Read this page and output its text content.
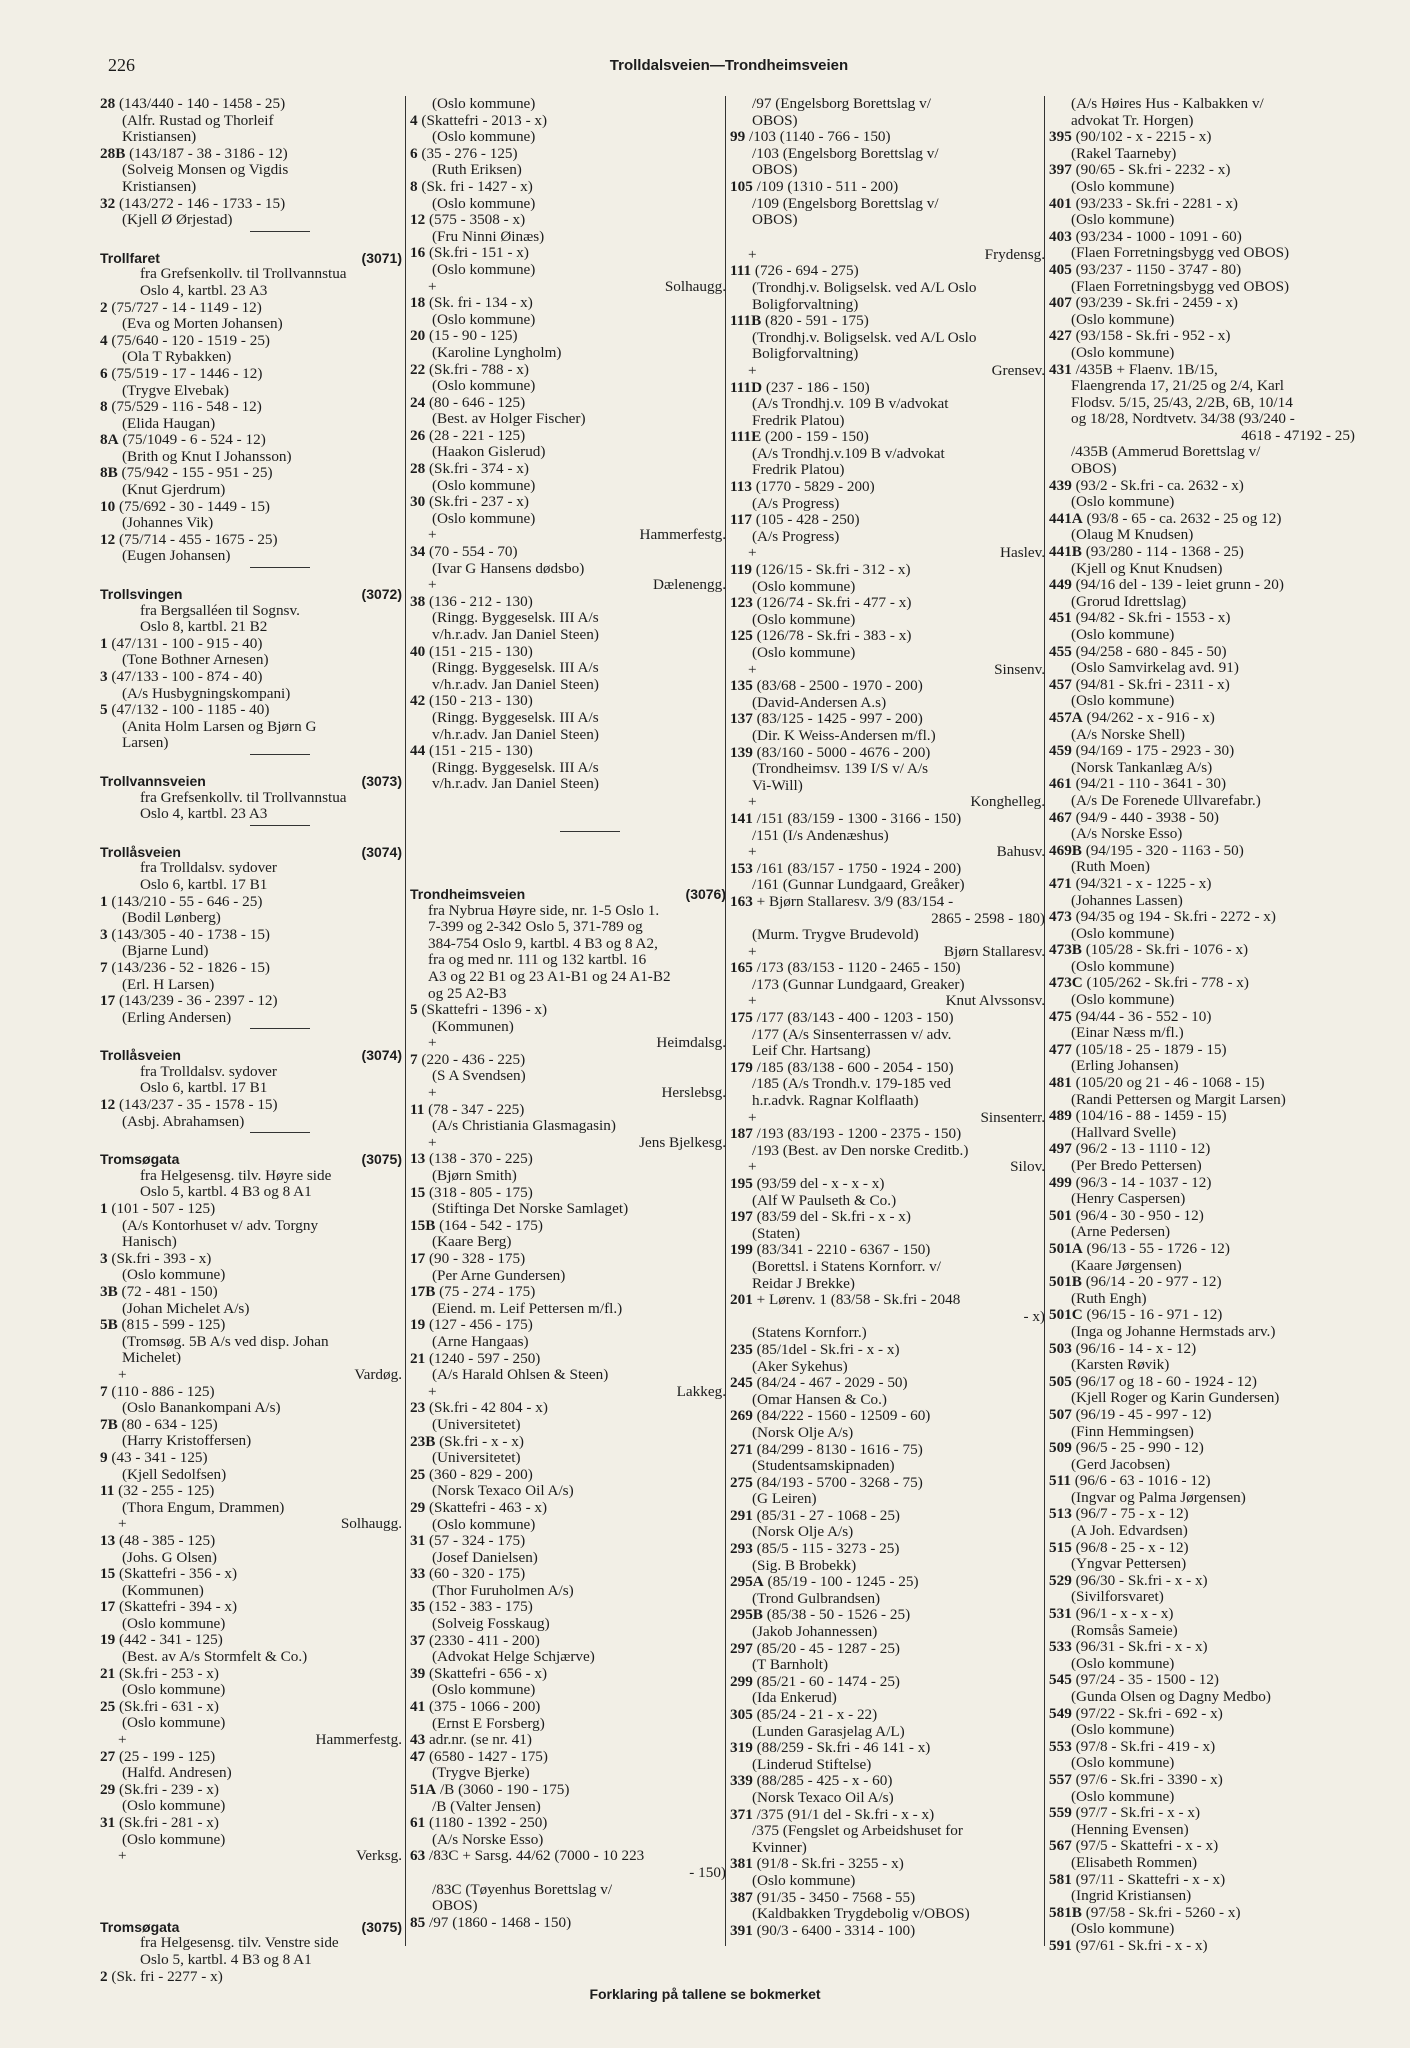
226	Trolldalsveien—Trondheimsveien
28 (143/440 - 140 - 1458 - 25)
(Alfr. Rustad og Thorleif
Kristiansen)
28B (143/187 - 38 - 3186 - 12)
(Solveig Monsen og Vigdis
Kristiansen)
32 (143/272 - 146 - 1733 - 15)
(Kjell Ø Ørjestad)
Trollfaret	(3071)
fra Grefsenkollv. til Trollvannstua
Oslo 4, kartbl. 23 A3
2 (75/727 - 14 - 1149 - 12)
(Eva og Morten Johansen)
4 (75/640 - 120 - 1519 - 25)
(Ola T Rybakken)
6 (75/519 - 17 - 1446 - 12)
(Trygve Elvebak)
8 (75/529 - 116 - 548 - 12)
(Elida Haugan)
8A (75/1049 - 6 - 524 - 12)
(Brith og Knut I Johansson)
8B (75/942 - 155 - 951 - 25)
(Knut Gjerdrum)
10 (75/692 - 30 - 1449 - 15)
(Johannes Vik)
12 (75/714 - 455 - 1675 - 25)
(Eugen Johansen)
Trollsvingen	(3072)
fra Bergsalléen til Sognsv.
Oslo 8, kartbl. 21 B2
1 (47/131 - 100 - 915 - 40)
(Tone Bothner Arnesen)
3 (47/133 - 100 - 874 - 40)
(A/s Husbygningskompani)
5 (47/132 - 100 - 1185 - 40)
(Anita Holm Larsen og Bjørn G
Larsen)
Trollvannsveien	(3073)
fra Grefsenkollv. til Trollvannstua
Oslo 4, kartbl. 23 A3
Trollåsveien	(3074)
fra Trolldalsv. sydover
Oslo 6, kartbl. 17 B1
1 (143/210 - 55 - 646 - 25)
(Bodil Lønberg)
3 (143/305 - 40 - 1738 - 15)
(Bjarne Lund)
7 (143/236 - 52 - 1826 - 15)
(Erl. H Larsen)
17 (143/239 - 36 - 2397 - 12)
(Erling Andersen)
Trollåsveien	(3074)
fra Trolldalsv. sydover
Oslo 6, kartbl. 17 B1
12 (143/237 - 35 - 1578 - 15)
(Asbj. Abrahamsen)
Tromsøgata	(3075)
fra Helgesensg. tilv. Høyre side
Oslo 5, kartbl. 4 B3 og 8 A1
1 (101 - 507 - 125)
(A/s Kontorhuset v/ adv. Torgny
Hanisch)
3 (Sk.fri - 393 - x)
(Oslo kommune)
3B (72 - 481 - 150)
(Johan Michelet A/s)
5B (815 - 599 - 125)
(Tromsøg. 5B A/s ved disp. Johan
Michelet)
+	Vardøg.
7 (110 - 886 - 125)
(Oslo Banankompani A/s)
7B (80 - 634 - 125)
(Harry Kristoffersen)
9 (43 - 341 - 125)
(Kjell Sedolfsen)
11 (32 - 255 - 125)
(Thora Engum, Drammen)
+	Solhaugg.
13 (48 - 385 - 125)
(Johs. G Olsen)
15 (Skattefri - 356 - x)
(Kommunen)
17 (Skattefri - 394 - x)
(Oslo kommune)
19 (442 - 341 - 125)
(Best. av A/s Stormfelt & Co.)
21 (Sk.fri - 253 - x)
(Oslo kommune)
25 (Sk.fri - 631 - x)
(Oslo kommune)
+	Hammerfestg.
27 (25 - 199 - 125)
(Halfd. Andresen)
29 (Sk.fri - 239 - x)
(Oslo kommune)
31 (Sk.fri - 281 - x)
(Oslo kommune)
+	Verksg.
Tromsøgata	(3075)
fra Helgesensg. tilv. Venstre side
Oslo 5, kartbl. 4 B3 og 8 A1
2 (Sk. fri - 2277 - x)
(Oslo kommune)
4 (Skattefri - 2013 - x)
(Oslo kommune)
6 (35 - 276 - 125)
(Ruth Eriksen)
8 (Sk. fri - 1427 - x)
(Oslo kommune)
12 (575 - 3508 - x)
(Fru Ninni Øinæs)
16 (Sk.fri - 151 - x)
(Oslo kommune)
+	Solhaugg.
18 (Sk. fri - 134 - x)
(Oslo kommune)
20 (15 - 90 - 125)
(Karoline Lyngholm)
22 (Sk.fri - 788 - x)
(Oslo kommune)
24 (80 - 646 - 125)
(Best. av Holger Fischer)
26 (28 - 221 - 125)
(Haakon Gislerud)
28 (Sk.fri - 374 - x)
(Oslo kommune)
30 (Sk.fri - 237 - x)
(Oslo kommune)
+	Hammerfestg.
34 (70 - 554 - 70)
(Ivar G Hansens dødsbo)
+	Dælenengg.
38 (136 - 212 - 130)
(Ringg. Byggeselsk. III A/s
v/h.r.adv. Jan Daniel Steen)
40 (151 - 215 - 130)
(Ringg. Byggeselsk. III A/s
v/h.r.adv. Jan Daniel Steen)
42 (150 - 213 - 130)
(Ringg. Byggeselsk. III A/s
v/h.r.adv. Jan Daniel Steen)
44 (151 - 215 - 130)
(Ringg. Byggeselsk. III A/s
v/h.r.adv. Jan Daniel Steen)
Trondheimsveien	(3076)
fra Nybrua Høyre side, nr. 1-5 Oslo 1.
7-399 og 2-342 Oslo 5, 371-789 og
384-754 Oslo 9, kartbl. 4 B3 og 8 A2,
fra og med nr. 111 og 132 kartbl. 16
A3 og 22 B1 og 23 A1-B1 og 24 A1-B2
og 25 A2-B3
5 (Skattefri - 1396 - x)
(Kommunen)
+	Heimdalsg.
7 (220 - 436 - 225)
(S A Svendsen)
+	Herslebsg.
11 (78 - 347 - 225)
(A/s Christiania Glasmagasin)
+	Jens Bjelkesg.
13 (138 - 370 - 225)
(Bjørn Smith)
15 (318 - 805 - 175)
(Stiftinga Det Norske Samlaget)
15B (164 - 542 - 175)
(Kaare Berg)
17 (90 - 328 - 175)
(Per Arne Gundersen)
17B (75 - 274 - 175)
(Eiend. m. Leif Pettersen m/fl.)
19 (127 - 456 - 175)
(Arne Hangaas)
21 (1240 - 597 - 250)
(A/s Harald Ohlsen & Steen)
+	Lakkeg.
23 (Sk.fri - 42 804 - x)
(Universitetet)
23B (Sk.fri - x - x)
(Universitetet)
25 (360 - 829 - 200)
(Norsk Texaco Oil A/s)
29 (Skattefri - 463 - x)
(Oslo kommune)
31 (57 - 324 - 175)
(Josef Danielsen)
33 (60 - 320 - 175)
(Thor Furuholmen A/s)
35 (152 - 383 - 175)
(Solveig Fosskaug)
37 (2330 - 411 - 200)
(Advokat Helge Schjærve)
39 (Skattefri - 656 - x)
(Oslo kommune)
41 (375 - 1066 - 200)
(Ernst E Forsberg)
43 adr.nr. (se nr. 41)
47 (6580 - 1427 - 175)
(Trygve Bjerke)
51A /B (3060 - 190 - 175)
/B (Valter Jensen)
61 (1180 - 1392 - 250)
(A/s Norske Esso)
63 /83C + Sarsg. 44/62 (7000 - 10 223
- 150)
/83C (Tøyenhus Borettslag v/
OBOS)
85 /97 (1860 - 1468 - 150)
/97 (Engelsborg Borettslag v/
OBOS)
99 /103 (1140 - 766 - 150)
/103 (Engelsborg Borettslag v/
OBOS)
105 /109 (1310 - 511 - 200)
/109 (Engelsborg Borettslag v/
OBOS)
+	Frydensg.
111 (726 - 694 - 275)
(Trondhj.v. Boligselsk. ved A/L Oslo
Boligforvaltning)
111B (820 - 591 - 175)
(Trondhj.v. Boligselsk. ved A/L Oslo
Boligforvaltning)
+	Grensev.
111D (237 - 186 - 150)
(A/s Trondhj.v. 109 B v/advokat
Fredrik Platou)
111E (200 - 159 - 150)
(A/s Trondhj.v.109 B v/advokat
Fredrik Platou)
113 (1770 - 5829 - 200)
(A/s Progress)
117 (105 - 428 - 250)
(A/s Progress)
+	Haslev.
119 (126/15 - Sk.fri - 312 - x)
(Oslo kommune)
123 (126/74 - Sk.fri - 477 - x)
(Oslo kommune)
125 (126/78 - Sk.fri - 383 - x)
(Oslo kommune)
+	Sinsenv.
135 (83/68 - 2500 - 1970 - 200)
(David-Andersen A.s)
137 (83/125 - 1425 - 997 - 200)
(Dir. K Weiss-Andersen m/fl.)
139 (83/160 - 5000 - 4676 - 200)
(Trondheimsv. 139 I/S v/ A/s
Vi-Will)
+	Konghelleg.
141 /151 (83/159 - 1300 - 3166 - 150)
/151 (I/s Andenæshus)
+	Bahusv.
153 /161 (83/157 - 1750 - 1924 - 200)
/161 (Gunnar Lundgaard, Greåker)
163 + Bjørn Stallaresv. 3/9 (83/154 -
2865 - 2598 - 180)
(Murm. Trygve Brudevold)
+	Bjørn Stallaresv.
165 /173 (83/153 - 1120 - 2465 - 150)
/173 (Gunnar Lundgaard, Greaker)
+	Knut Alvssonsv.
175 /177 (83/143 - 400 - 1203 - 150)
/177 (A/s Sinsenterrassen v/ adv.
Leif Chr. Hartsang)
179 /185 (83/138 - 600 - 2054 - 150)
/185 (A/s Trondh.v. 179-185 ved
h.r.advk. Ragnar Kolflaath)
+	Sinsenterr.
187 /193 (83/193 - 1200 - 2375 - 150)
/193 (Best. av Den norske Creditb.)
+	Silov.
195 (93/59 del - x - x - x)
(Alf W Paulseth & Co.)
197 (83/59 del - Sk.fri - x - x)
(Staten)
199 (83/341 - 2210 - 6367 - 150)
(Borettsl. i Statens Kornforr. v/
Reidar J Brekke)
201 + Lørenv. 1 (83/58 - Sk.fri - 2048
- x)
(Statens Kornforr.)
235 (85/1del - Sk.fri - x - x)
(Aker Sykehus)
245 (84/24 - 467 - 2029 - 50)
(Omar Hansen & Co.)
269 (84/222 - 1560 - 12509 - 60)
(Norsk Olje A/s)
271 (84/299 - 8130 - 1616 - 75)
(Studentsamskipnaden)
275 (84/193 - 5700 - 3268 - 75)
(G Leiren)
291 (85/31 - 27 - 1068 - 25)
(Norsk Olje A/s)
293 (85/5 - 115 - 3273 - 25)
(Sig. B Brobekk)
295A (85/19 - 100 - 1245 - 25)
(Trond Gulbrandsen)
295B (85/38 - 50 - 1526 - 25)
(Jakob Johannessen)
297 (85/20 - 45 - 1287 - 25)
(T Barnholt)
299 (85/21 - 60 - 1474 - 25)
(Ida Enkerud)
305 (85/24 - 21 - x - 22)
(Lunden Garasjelag A/L)
319 (88/259 - Sk.fri - 46 141 - x)
(Linderud Stiftelse)
339 (88/285 - 425 - x - 60)
(Norsk Texaco Oil A/s)
371 /375 (91/1 del - Sk.fri - x - x)
/375 (Fengslet og Arbeidshuset for
Kvinner)
381 (91/8 - Sk.fri - 3255 - x)
(Oslo kommune)
387 (91/35 - 3450 - 7568 - 55)
(Kaldbakken Trygdebolig v/OBOS)
391 (90/3 - 6400 - 3314 - 100)
(A/s Høires Hus - Kalbakken v/
advokat Tr. Horgen)
395 (90/102 - x - 2215 - x)
(Rakel Taarneby)
397 (90/65 - Sk.fri - 2232 - x)
(Oslo kommune)
401 (93/233 - Sk.fri - 2281 - x)
(Oslo kommune)
403 (93/234 - 1000 - 1091 - 60)
(Flaen Forretningsbygg ved OBOS)
405 (93/237 - 1150 - 3747 - 80)
(Flaen Forretningsbygg ved OBOS)
407 (93/239 - Sk.fri - 2459 - x)
(Oslo kommune)
427 (93/158 - Sk.fri - 952 - x)
(Oslo kommune)
431 /435B + Flaenv. 1B/15,
Flaengrenda 17, 21/25 og 2/4, Karl
Flodsv. 5/15, 25/43, 2/2B, 6B, 10/14
og 18/28, Nordtvetv. 34/38 (93/240 -
4618 - 47192 - 25)
/435B (Ammerud Borettslag v/
OBOS)
439 (93/2 - Sk.fri - ca. 2632 - x)
(Oslo kommune)
441A (93/8 - 65 - ca. 2632 - 25 og 12)
(Olaug M Knudsen)
441B (93/280 - 114 - 1368 - 25)
(Kjell og Knut Knudsen)
449 (94/16 del - 139 - leiet grunn - 20)
(Grorud Idrettslag)
451 (94/82 - Sk.fri - 1553 - x)
(Oslo kommune)
455 (94/258 - 680 - 845 - 50)
(Oslo Samvirkelag avd. 91)
457 (94/81 - Sk.fri - 2311 - x)
(Oslo kommune)
457A (94/262 - x - 916 - x)
(A/s Norske Shell)
459 (94/169 - 175 - 2923 - 30)
(Norsk Tankanlæg A/s)
461 (94/21 - 110 - 3641 - 30)
(A/s De Forenede Ullvarefabr.)
467 (94/9 - 440 - 3938 - 50)
(A/s Norske Esso)
469B (94/195 - 320 - 1163 - 50)
(Ruth Moen)
471 (94/321 - x - 1225 - x)
(Johannes Lassen)
473 (94/35 og 194 - Sk.fri - 2272 - x)
(Oslo kommune)
473B (105/28 - Sk.fri - 1076 - x)
(Oslo kommune)
473C (105/262 - Sk.fri - 778 - x)
(Oslo kommune)
475 (94/44 - 36 - 552 - 10)
(Einar Næss m/fl.)
477 (105/18 - 25 - 1879 - 15)
(Erling Johansen)
481 (105/20 og 21 - 46 - 1068 - 15)
(Randi Pettersen og Margit Larsen)
489 (104/16 - 88 - 1459 - 15)
(Hallvard Svelle)
497 (96/2 - 13 - 1110 - 12)
(Per Bredo Pettersen)
499 (96/3 - 14 - 1037 - 12)
(Henry Caspersen)
501 (96/4 - 30 - 950 - 12)
(Arne Pedersen)
501A (96/13 - 55 - 1726 - 12)
(Kaare Jørgensen)
501B (96/14 - 20 - 977 - 12)
(Ruth Engh)
501C (96/15 - 16 - 971 - 12)
(Inga og Johanne Hermstads arv.)
503 (96/16 - 14 - x - 12)
(Karsten Røvik)
505 (96/17 og 18 - 60 - 1924 - 12)
(Kjell Roger og Karin Gundersen)
507 (96/19 - 45 - 997 - 12)
(Finn Hemmingsen)
509 (96/5 - 25 - 990 - 12)
(Gerd Jacobsen)
511 (96/6 - 63 - 1016 - 12)
(Ingvar og Palma Jørgensen)
513 (96/7 - 75 - x - 12)
(A Joh. Edvardsen)
515 (96/8 - 25 - x - 12)
(Yngvar Pettersen)
529 (96/30 - Sk.fri - x - x)
(Sivilforsvaret)
531 (96/1 - x - x - x)
(Romsås Sameie)
533 (96/31 - Sk.fri - x - x)
(Oslo kommune)
545 (97/24 - 35 - 1500 - 12)
(Gunda Olsen og Dagny Medbo)
549 (97/22 - Sk.fri - 692 - x)
(Oslo kommune)
553 (97/8 - Sk.fri - 419 - x)
(Oslo kommune)
557 (97/6 - Sk.fri - 3390 - x)
(Oslo kommune)
559 (97/7 - Sk.fri - x - x)
(Henning Evensen)
567 (97/5 - Skattefri - x - x)
(Elisabeth Rommen)
581 (97/11 - Skattefri - x - x)
(Ingrid Kristiansen)
581B (97/58 - Sk.fri - 5260 - x)
(Oslo kommune)
591 (97/61 - Sk.fri - x - x)
Forklaring på tallene se bokmerket
